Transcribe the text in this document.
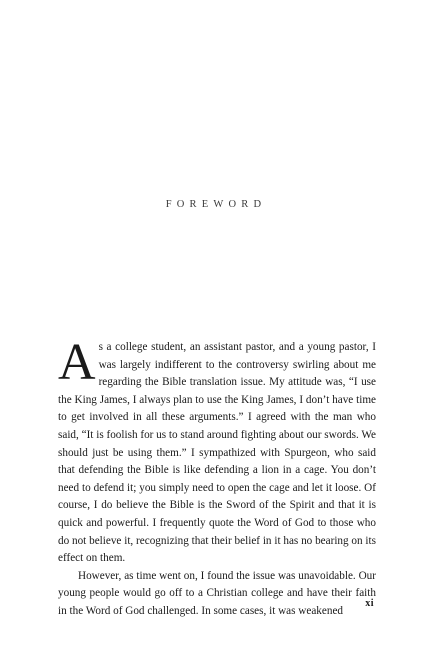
FOREWORD

As a college student, an assistant pastor, and a young pastor, I was largely indifferent to the controversy swirling about me regarding the Bible translation issue. My attitude was, “I use the King James, I always plan to use the King James, I don’t have time to get involved in all these arguments.” I agreed with the man who said, “It is foolish for us to stand around fighting about our swords. We should just be using them.” I sympathized with Spurgeon, who said that defending the Bible is like defending a lion in a cage. You don’t need to defend it; you simply need to open the cage and let it loose. Of course, I do believe the Bible is the Sword of the Spirit and that it is quick and powerful. I frequently quote the Word of God to those who do not believe it, recognizing that their belief in it has no bearing on its effect on them.

However, as time went on, I found the issue was unavoidable. Our young people would go off to a Christian college and have their faith in the Word of God challenged. In some cases, it was weakened

xi
